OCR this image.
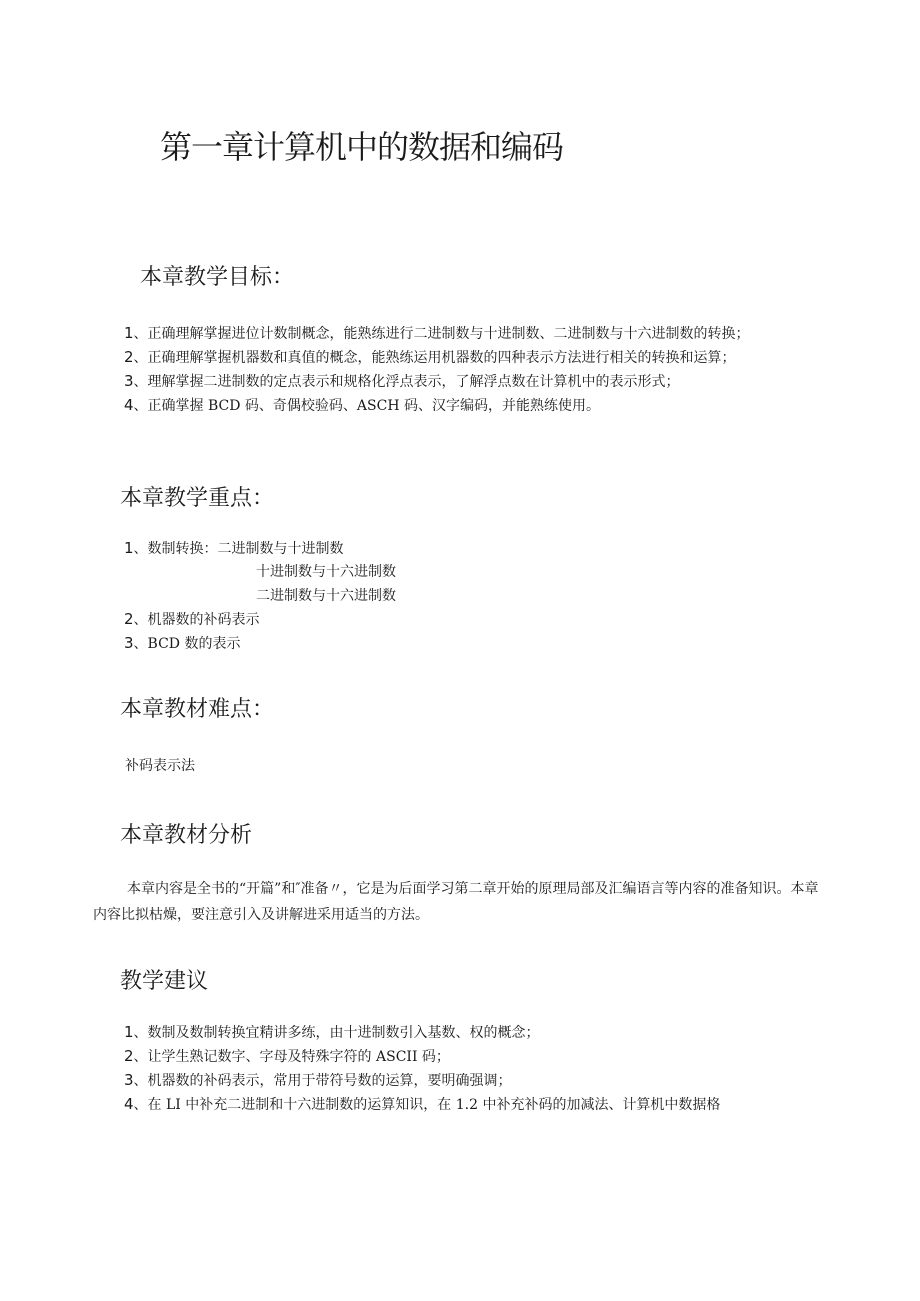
第一章计算机中的数据和编码
本章教学目标：
1、正确理解掌握进位计数制概念，能熟练进行二进制数与十进制数、二进制数与十六进制数的转换；
2、正确理解掌握机器数和真值的概念，能熟练运用机器数的四种表示方法进行相关的转换和运算；
3、理解掌握二进制数的定点表示和规格化浮点表示，了解浮点数在计算机中的表示形式；
4、正确掌握 BCD 码、奇偶校验码、ASCH 码、汉字编码，并能熟练使用。
本章教学重点：
1、数制转换：二进制数与十进制数
十进制数与十六进制数
二进制数与十六进制数
2、机器数的补码表示
3、BCD 数的表示
本章教材难点：
补码表示法
本章教材分析

本章内容是全书的“开篇”和″准备〃，它是为后面学习第二章开始的原理局部及汇编语言等内容的准备知识。本章内容比拟枯燥，要注意引入及讲解进采用适当的方法。

教学建议
1、数制及数制转换宜精讲多练，由十进制数引入基数、权的概念；
2、让学生熟记数字、字母及特殊字符的 ASCII 码；
3、机器数的补码表示，常用于带符号数的运算，要明确强调；
4、在 LI 中补充二进制和十六进制数的运算知识，在 1.2 中补充补码的加减法、计算机中数据格
